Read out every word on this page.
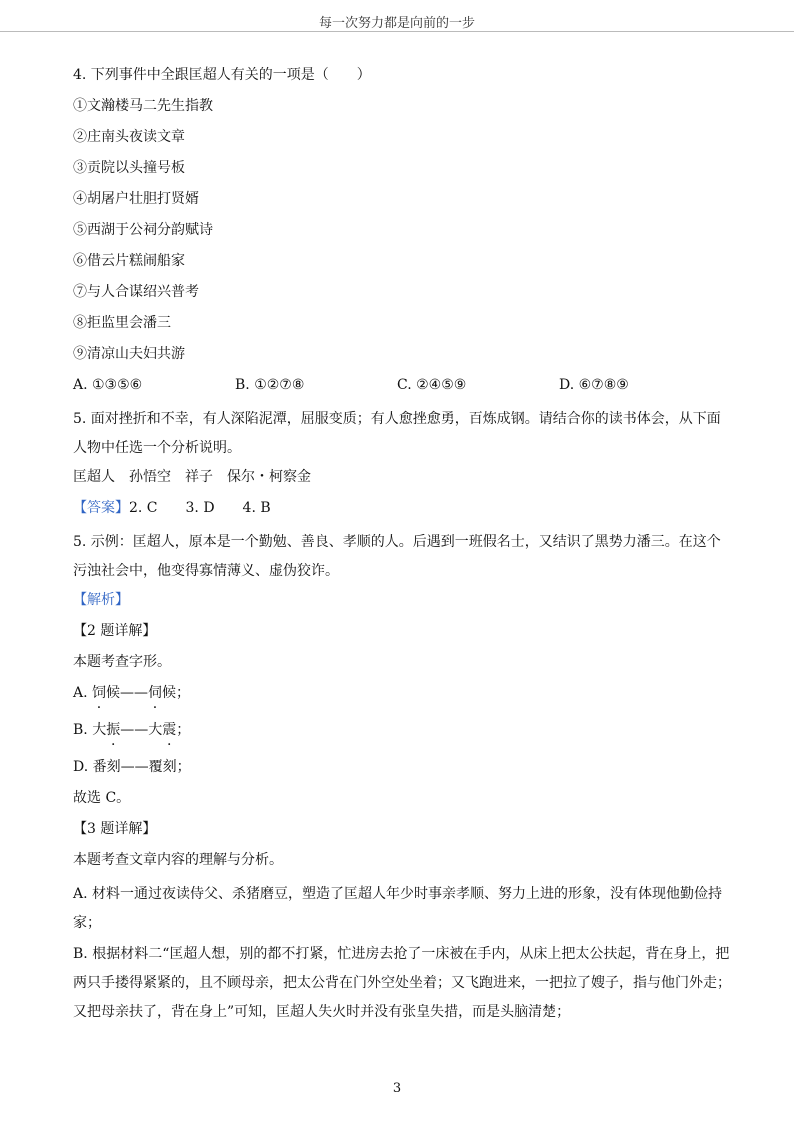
每一次努力都是向前的一步
4. 下列事件中全跟匡超人有关的一项是（　　）
①文瀚楼马二先生指教
②庄南头夜读文章
③贡院以头撞号板
④胡屠户壮胆打贤婿
⑤西湖于公祠分韵赋诗
⑥借云片糕闹船家
⑦与人合谋绍兴普考
⑧拒监里会潘三
⑨清凉山夫妇共游
A. ①③⑤⑥	B. ①②⑦⑧	C. ②④⑤⑨	D. ⑥⑦⑧⑨
5. 面对挫折和不幸，有人深陷泥潭，屈服变质；有人愈挫愈勇，百炼成钢。请结合你的读书体会，从下面人物中任选一个分析说明。
匡超人　孙悟空　祥子　保尔・柯察金
【答案】2. C　　3. D　　4. B
5. 示例：匡超人，原本是一个勤勉、善良、孝顺的人。后遇到一班假名士，又结识了黑势力潘三。在这个污浊社会中，他变得寡情薄义、虚伪狡诈。
【解析】
【2 题详解】
本题考查字形。
A. 饲候——伺候；
B. 大振——大震；
D. 番刻——覆刻；
故选 C。
【3 题详解】
本题考查文章内容的理解与分析。
A. 材料一通过夜读侍父、杀猪磨豆，塑造了匡超人年少时事亲孝顺、努力上进的形象，没有体现他勤俭持家；
B. 根据材料二“匡超人想，别的都不打紧，忙进房去抢了一床被在手内，从床上把太公扶起，背在身上，把两只手搂得紧紧的，且不顾母亲，把太公背在门外空处坐着；又飞跑进来，一把拉了嫂子，指与他门外走；又把母亲扶了，背在身上”可知，匡超人失火时并没有张皇失措，而是头脑清楚；
3
